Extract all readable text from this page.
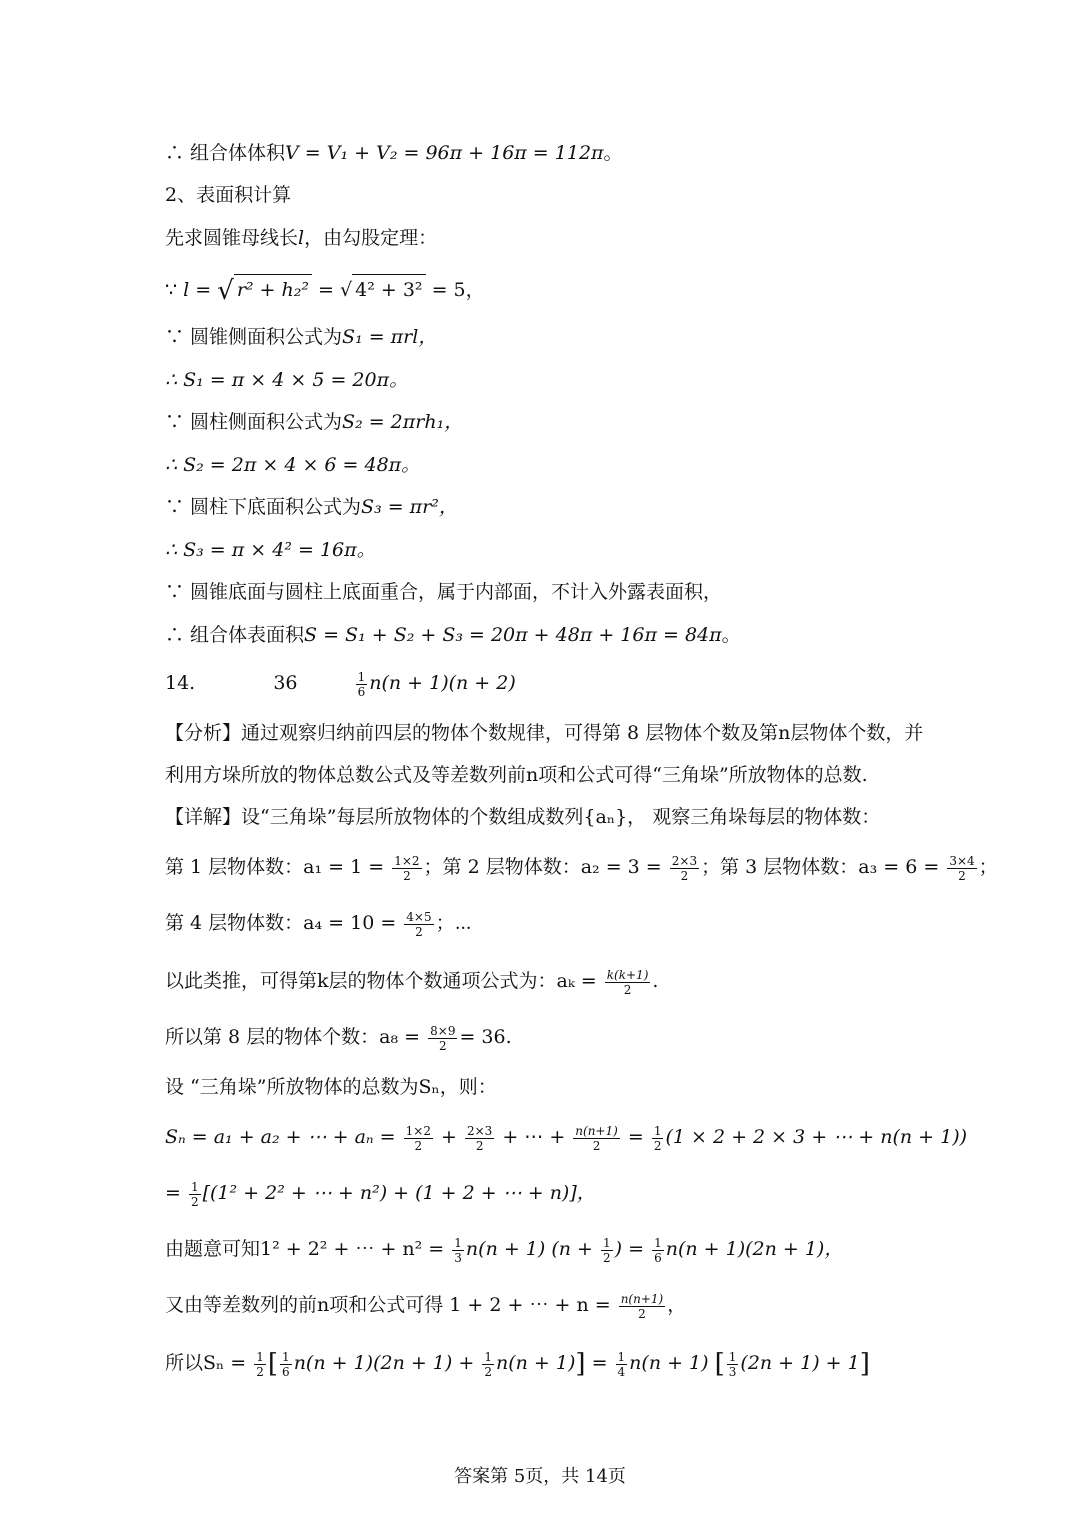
∴ 组合体体积V = V₁ + V₂ = 96π + 16π = 112π。
2、表面积计算
先求圆锥母线长l，由勾股定理：
∵ l = √ r² + h₂² = √ 4² + 3² = 5，
∵ 圆锥侧面积公式为S₁ = πrl，
∴ S₁ = π × 4 × 5 = 20π。
∵ 圆柱侧面积公式为S₂ = 2πrh₁，
∴ S₂ = 2π × 4 × 6 = 48π。
∵ 圆柱下底面积公式为S₃ = πr²，
∴ S₃ = π × 4² = 16π。
∵ 圆锥底面与圆柱上底面重合，属于内部面，不计入外露表面积，
∴ 组合体表面积S = S₁ + S₂ + S₃ = 20π + 48π + 16π = 84π。
14.	36	$\frac{1}{6} n(n + 1)(n + 2)$
【分析】通过观察归纳前四层的物体个数规律，可得第 8 层物体个数及第n层物体个数，并
利用方垛所放的物体总数公式及等差数列前n项和公式可得“三角垛”所放物体的总数.
【详解】设“三角垛”每层所放物体的个数组成数列{aₙ}， 观察三角垛每层的物体数：
第 1 层物体数：$a_1 = 1 = \frac{1\times 2}{2}$ ；第 2 层物体数：$a_2 = 3 = \frac{2\times 3}{2}$ ；第 3 层物体数：$a_3 = 6 = \frac{3\times 4}{2}$ ；
第 4 层物体数：$a_4 = 10 = \frac{4\times 5}{2}$ ；⋯
以此类推，可得第k层的物体个数通项公式为：$a_k = \frac{k(k+1)}{2}$ .
所以第 8 层的物体个数：$a_8 = \frac{8\times 9}{2} = 36$.
设 “三角垛”所放物体的总数为Sₙ，则：
Sₙ = a₁ + a₂ + ⋯ + $a_n = \frac{1\times 2}{2} + \frac{2\times 3}{2}$ + ⋯ + $\frac{n(n+1)}{2} = \frac{1}{2} (1 \times 2 + 2 \times 3$ + ⋯ + n(n + 1))
= $\frac{1}{2} [(1^2 + 2^2$ + ⋯ + n²) + (1 + 2 + ⋯ + n)]，
由题意可知1² + 2² + ⋯ + $n^2 = \frac{1}{3} n(n + 1) (n + \frac{1}{2}$ ) = $\frac{1}{6} n(n + 1)(2n + 1)$，
又由等差数列的前n项和公式可得 1 + 2 + ⋯ + $n = \frac{n(n+1)}{2}$ ，
所以$S_n = \frac{1}{2}$ [ $\frac{1}{6} n(n + 1)(2n + 1) + \frac{1}{2} n(n + 1)] = \frac{1}{4} n(n + 1)$ [ $\frac{1}{3} (2n + 1) + 1$]
答案第 5页，共 14页
